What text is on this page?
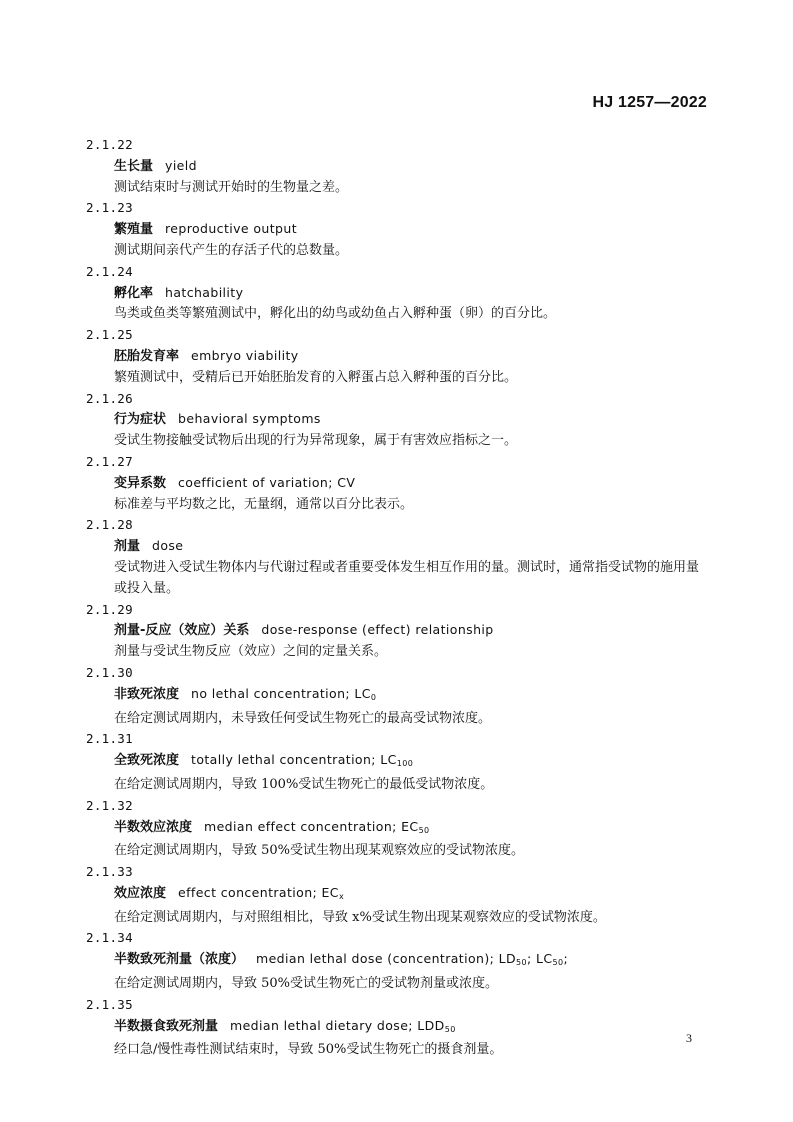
HJ 1257—2022
2.1.22
生长量 yield
测试结束时与测试开始时的生物量之差。
2.1.23
繁殖量 reproductive output
测试期间亲代产生的存活子代的总数量。
2.1.24
孵化率 hatchability
鸟类或鱼类等繁殖测试中，孵化出的幼鸟或幼鱼占入孵种蛋（卵）的百分比。
2.1.25
胚胎发育率 embryo viability
繁殖测试中，受精后已开始胚胎发育的入孵蛋占总入孵种蛋的百分比。
2.1.26
行为症状 behavioral symptoms
受试生物接触受试物后出现的行为异常现象，属于有害效应指标之一。
2.1.27
变异系数 coefficient of variation; CV
标准差与平均数之比，无量纲，通常以百分比表示。
2.1.28
剂量 dose
受试物进入受试生物体内与代谢过程或者重要受体发生相互作用的量。测试时，通常指受试物的施用量或投入量。
2.1.29
剂量-反应（效应）关系 dose-response (effect) relationship
剂量与受试生物反应（效应）之间的定量关系。
2.1.30
非致死浓度 no lethal concentration; $LC_0$
在给定测试周期内，未导致任何受试生物死亡的最高受试物浓度。
2.1.31
全致死浓度 totally lethal concentration; $LC_{100}$
在给定测试周期内，导致 100%受试生物死亡的最低受试物浓度。
2.1.32
半数效应浓度 median effect concentration; $EC_{50}$
在给定测试周期内，导致 50%受试生物出现某观察效应的受试物浓度。
2.1.33
效应浓度 effect concentration; $EC_x$
在给定测试周期内，与对照组相比，导致 x%受试生物出现某观察效应的受试物浓度。
2.1.34
半数致死剂量（浓度） median lethal dose (concentration); $LD_{50}$; $LC_{50}$;
在给定测试周期内，导致 50%受试生物死亡的受试物剂量或浓度。
2.1.35
半数摄食致死剂量 median lethal dietary dose; $LDD_{50}$
经口急/慢性毒性测试结束时，导致 50%受试生物死亡的摄食剂量。
3
